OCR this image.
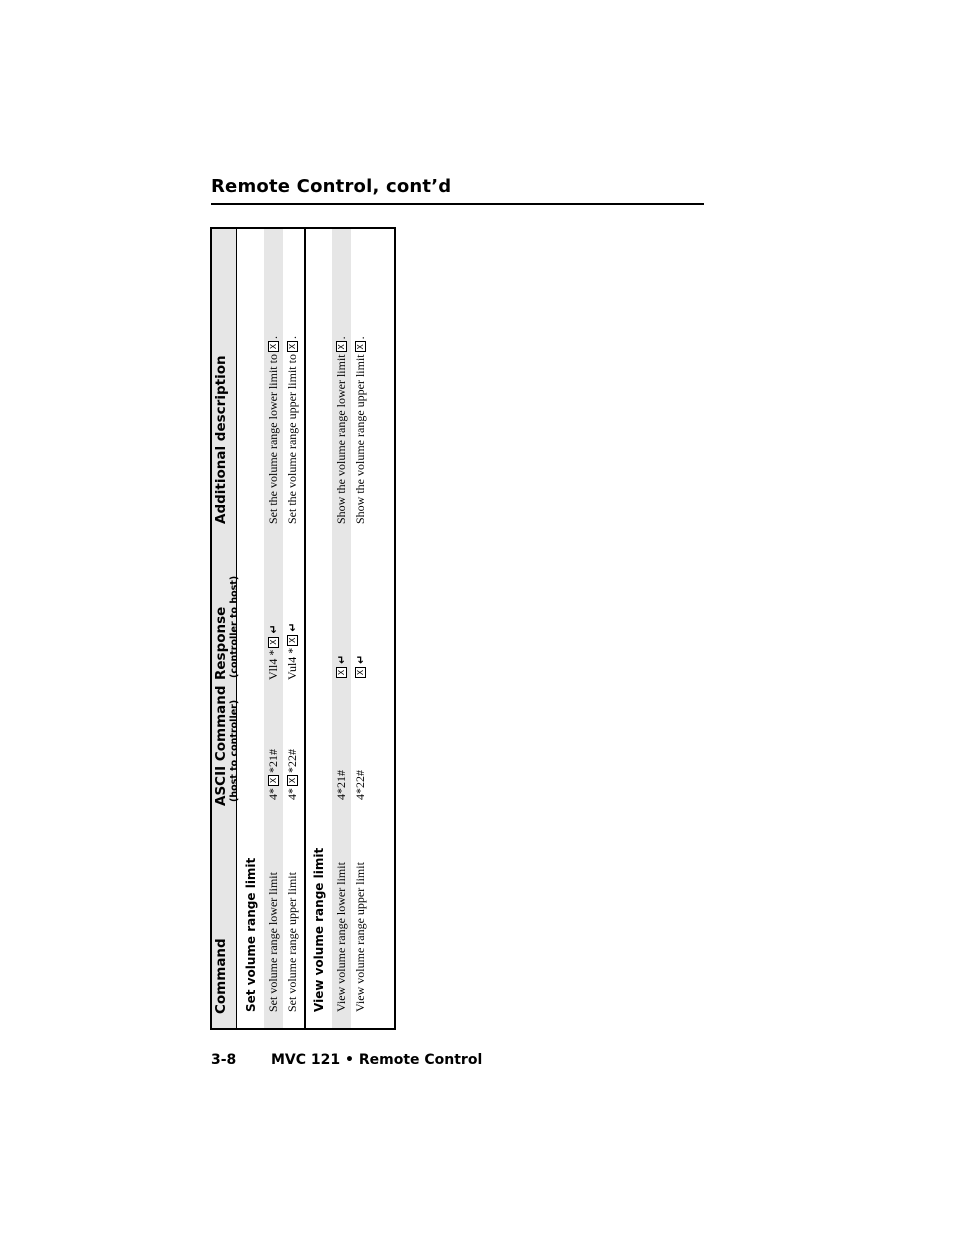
Remote Control, cont’d
Command
ASCII Command (host to controller)
Response (controller to host)
Additional description
Set volume range limit Set volume range lower limit
4*X*21#
Vll4 *X↵
Set the volume range lower limit toX.
Set volume range upper limit
4*X*22#
Vul4 *X↵
Set the volume range upper limit toX.
View volume range limit View volume range lower limit
4*21#
X↵
Show the volume range lower limitX.
View volume range upper limit
4*22#
X↵
Show the volume range upper limitX.
3-8 MVC 121 • Remote Control
